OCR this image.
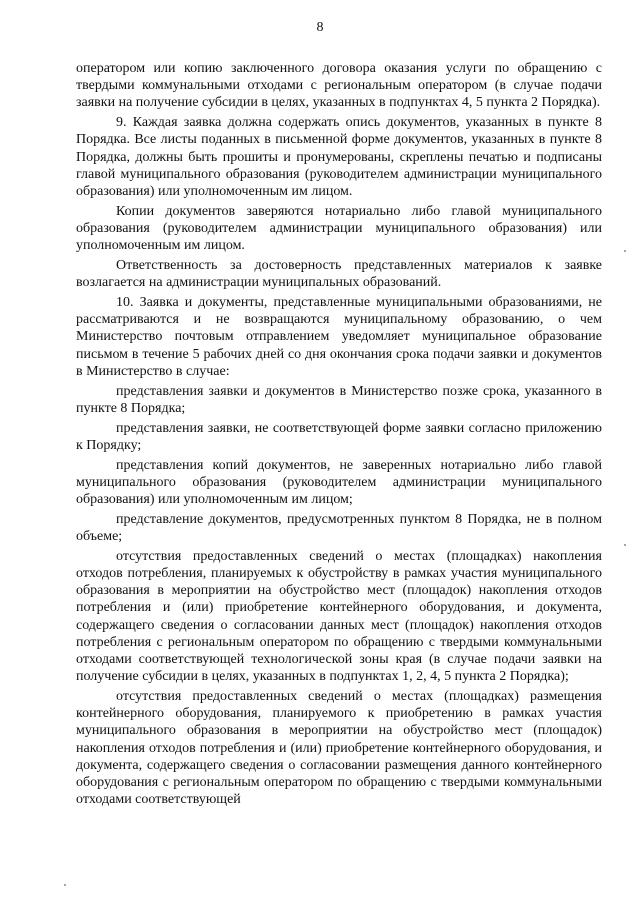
8

оператором или копию заключенного договора оказания услуги по обращению с твердыми коммунальными отходами с региональным оператором (в случае подачи заявки на получение субсидии в целях, указанных в подпунктах 4, 5 пункта 2 Порядка).

9. Каждая заявка должна содержать опись документов, указанных в пункте 8 Порядка. Все листы поданных в письменной форме документов, указанных в пункте 8 Порядка, должны быть прошиты и пронумерованы, скреплены печатью и подписаны главой муниципального образования (руководителем администрации муниципального образования) или уполномоченным им лицом.

Копии документов заверяются нотариально либо главой муниципального образования (руководителем администрации муниципального образования) или уполномоченным им лицом.

Ответственность за достоверность представленных материалов к заявке возлагается на администрации муниципальных образований.

10. Заявка и документы, представленные муниципальными образованиями, не рассматриваются и не возвращаются муниципальному образованию, о чем Министерство почтовым отправлением уведомляет муниципальное образование письмом в течение 5 рабочих дней со дня окончания срока подачи заявки и документов в Министерство в случае:

представления заявки и документов в Министерство позже срока, указанного в пункте 8 Порядка;

представления заявки, не соответствующей форме заявки согласно приложению к Порядку;

представления копий документов, не заверенных нотариально либо главой муниципального образования (руководителем администрации муниципального образования) или уполномоченным им лицом;

представление документов, предусмотренных пунктом 8 Порядка, не в полном объеме;

отсутствия предоставленных сведений о местах (площадках) накопления отходов потребления, планируемых к обустройству в рамках участия муниципального образования в мероприятии на обустройство мест (площадок) накопления отходов потребления и (или) приобретение контейнерного оборудования, и документа, содержащего сведения о согласовании данных мест (площадок) накопления отходов потребления с региональным оператором по обращению с твердыми коммунальными отходами соответствующей технологической зоны края (в случае подачи заявки на получение субсидии в целях, указанных в подпунктах 1, 2, 4, 5 пункта 2 Порядка);

отсутствия предоставленных сведений о местах (площадках) размещения контейнерного оборудования, планируемого к приобретению в рамках участия муниципального образования в мероприятии на обустройство мест (площадок) накопления отходов потребления и (или) приобретение контейнерного оборудования, и документа, содержащего сведения о согласовании размещения данного контейнерного оборудования с региональным оператором по обращению с твердыми коммунальными отходами соответствующей
